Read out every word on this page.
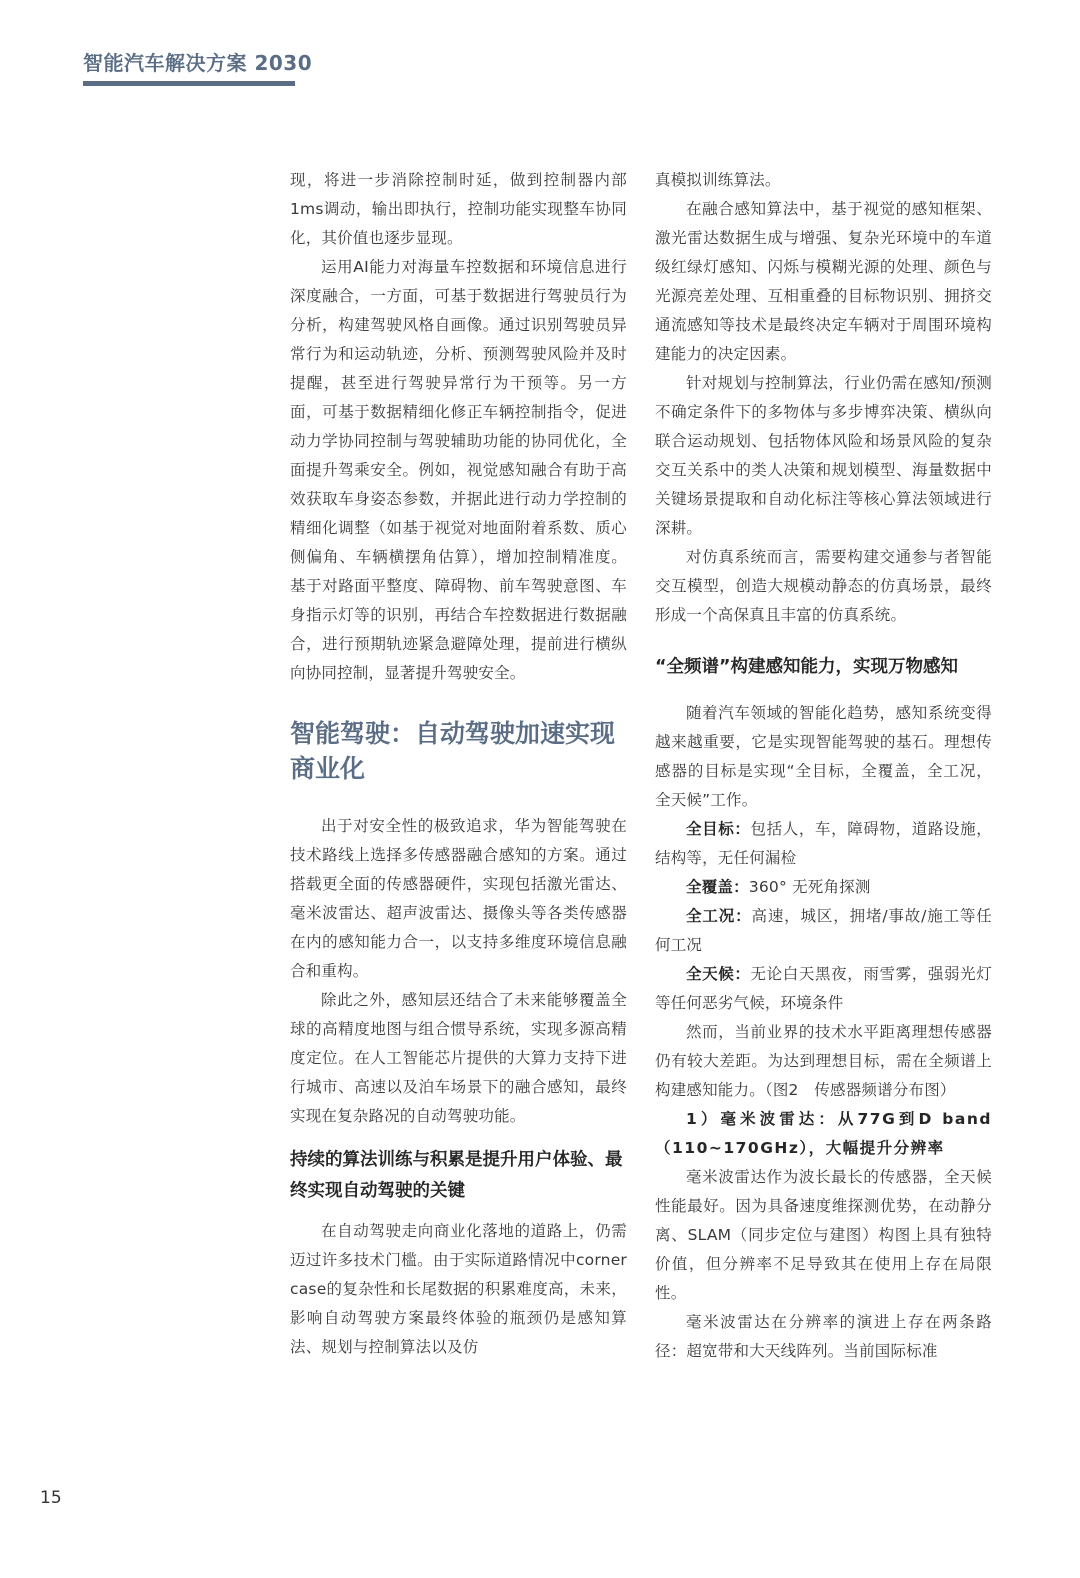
智能汽车解决方案 2030

现，将进一步消除控制时延，做到控制器内部1ms调动，输出即执行，控制功能实现整车协同化，其价值也逐步显现。

运用AI能力对海量车控数据和环境信息进行深度融合，一方面，可基于数据进行驾驶员行为分析，构建驾驶风格自画像。通过识别驾驶员异常行为和运动轨迹，分析、预测驾驶风险并及时提醒，甚至进行驾驶异常行为干预等。另一方面，可基于数据精细化修正车辆控制指令，促进动力学协同控制与驾驶辅助功能的协同优化，全面提升驾乘安全。例如，视觉感知融合有助于高效获取车身姿态参数，并据此进行动力学控制的精细化调整（如基于视觉对地面附着系数、质心侧偏角、车辆横摆角估算），增加控制精准度。基于对路面平整度、障碍物、前车驾驶意图、车身指示灯等的识别，再结合车控数据进行数据融合，进行预期轨迹紧急避障处理，提前进行横纵向协同控制，显著提升驾驶安全。

智能驾驶：自动驾驶加速实现商业化

出于对安全性的极致追求，华为智能驾驶在技术路线上选择多传感器融合感知的方案。通过搭载更全面的传感器硬件，实现包括激光雷达、毫米波雷达、超声波雷达、摄像头等各类传感器在内的感知能力合一，以支持多维度环境信息融合和重构。

除此之外，感知层还结合了未来能够覆盖全球的高精度地图与组合惯导系统，实现多源高精度定位。在人工智能芯片提供的大算力支持下进行城市、高速以及泊车场景下的融合感知，最终实现在复杂路况的自动驾驶功能。

持续的算法训练与积累是提升用户体验、最终实现自动驾驶的关键

在自动驾驶走向商业化落地的道路上，仍需迈过许多技术门槛。由于实际道路情况中corner case的复杂性和长尾数据的积累难度高，未来，影响自动驾驶方案最终体验的瓶颈仍是感知算法、规划与控制算法以及仿

真模拟训练算法。

在融合感知算法中，基于视觉的感知框架、激光雷达数据生成与增强、复杂光环境中的车道级红绿灯感知、闪烁与模糊光源的处理、颜色与光源亮差处理、互相重叠的目标物识别、拥挤交通流感知等技术是最终决定车辆对于周围环境构建能力的决定因素。

针对规划与控制算法，行业仍需在感知/预测不确定条件下的多物体与多步博弈决策、横纵向联合运动规划、包括物体风险和场景风险的复杂交互关系中的类人决策和规划模型、海量数据中关键场景提取和自动化标注等核心算法领域进行深耕。

对仿真系统而言，需要构建交通参与者智能交互模型，创造大规模动静态的仿真场景，最终形成一个高保真且丰富的仿真系统。

“全频谱”构建感知能力，实现万物感知

随着汽车领域的智能化趋势，感知系统变得越来越重要，它是实现智能驾驶的基石。理想传感器的目标是实现“全目标，全覆盖，全工况，全天候”工作。

全目标：包括人，车，障碍物，道路设施，结构等，无任何漏检

全覆盖：360° 无死角探测

全工况：高速，城区，拥堵/事故/施工等任何工况

全天候：无论白天黑夜，雨雪雾，强弱光灯等任何恶劣气候，环境条件

然而，当前业界的技术水平距离理想传感器仍有较大差距。为达到理想目标，需在全频谱上构建感知能力。（图2　传感器频谱分布图）

1）毫米波雷达：从77G到D band（110~170GHz），大幅提升分辨率

毫米波雷达作为波长最长的传感器，全天候性能最好。因为具备速度维探测优势，在动静分离、SLAM（同步定位与建图）构图上具有独特价值，但分辨率不足导致其在使用上存在局限性。

毫米波雷达在分辨率的演进上存在两条路径：超宽带和大天线阵列。当前国际标准

15
